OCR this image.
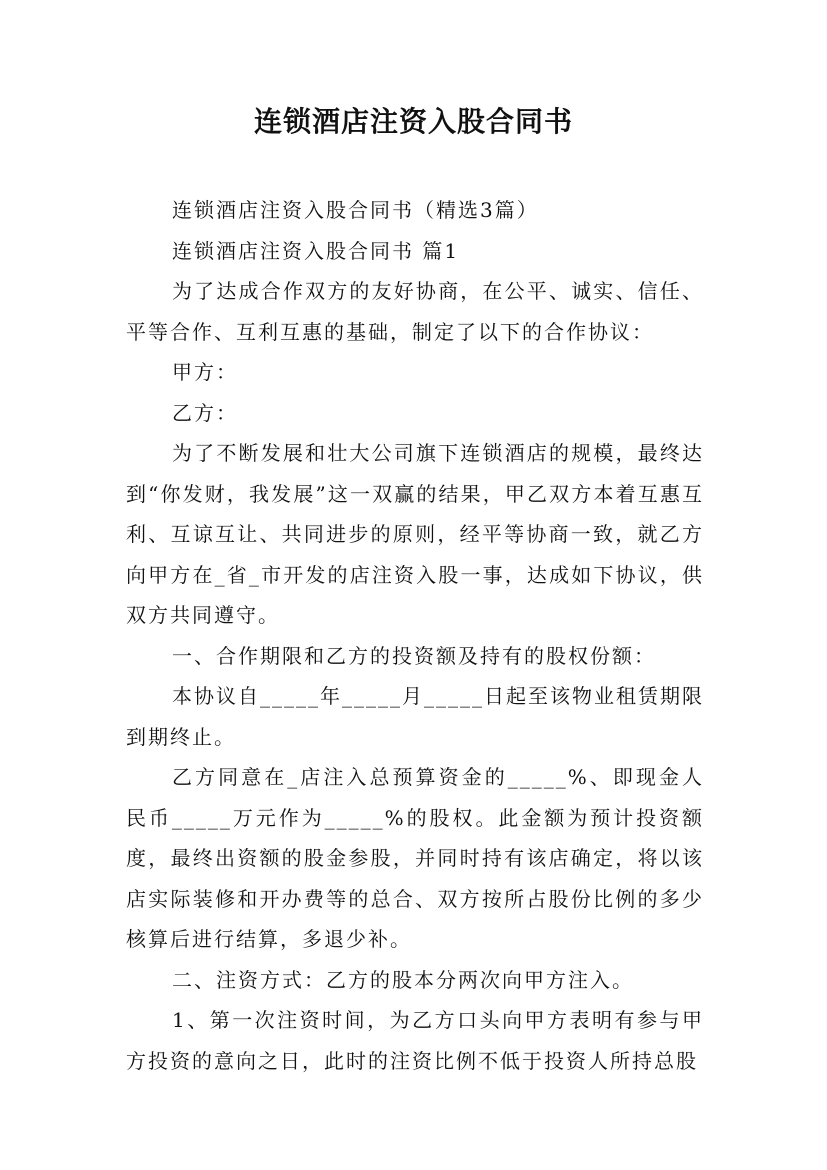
连锁酒店注资入股合同书

连锁酒店注资入股合同书（精选3篇）

连锁酒店注资入股合同书 篇1

为了达成合作双方的友好协商，在公平、诚实、信任、平等合作、互利互惠的基础，制定了以下的合作协议：

甲方：

乙方：

为了不断发展和壮大公司旗下连锁酒店的规模，最终达到“你发财，我发展”这一双赢的结果，甲乙双方本着互惠互利、互谅互让、共同进步的原则，经平等协商一致，就乙方向甲方在_省_市开发的店注资入股一事，达成如下协议，供双方共同遵守。

一、合作期限和乙方的投资额及持有的股权份额：

本协议自_____年_____月_____日起至该物业租赁期限到期终止。

乙方同意在_店注入总预算资金的_____%、即现金人民币_____万元作为_____%的股权。此金额为预计投资额度，最终出资额的股金参股，并同时持有该店确定，将以该店实际装修和开办费等的总合、双方按所占股份比例的多少核算后进行结算，多退少补。

二、注资方式：乙方的股本分两次向甲方注入。

1、第一次注资时间，为乙方口头向甲方表明有参与甲方投资的意向之日，此时的注资比例不低于投资人所持总股
